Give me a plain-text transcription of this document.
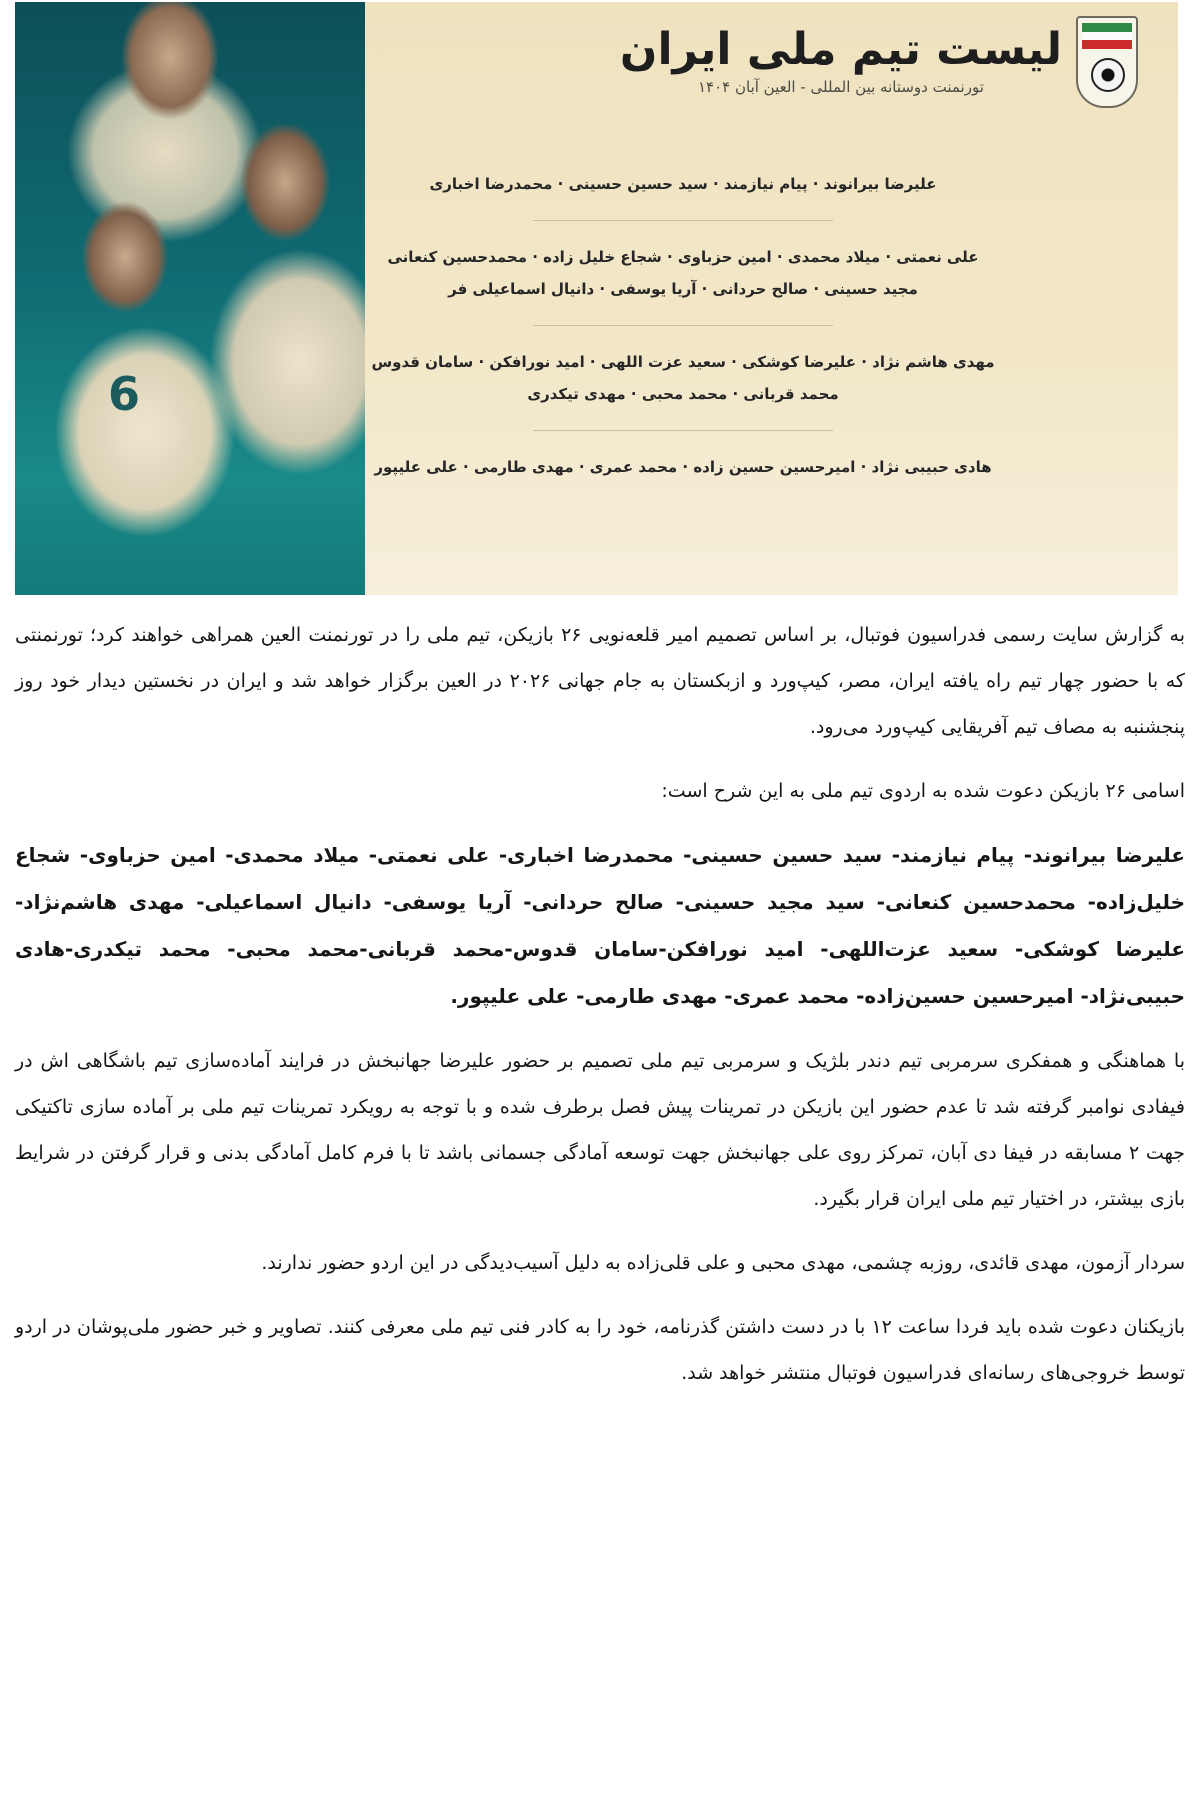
6
لیست تیم ملی ایران
تورنمنت دوستانه بین المللی - العین آبان ۱۴۰۴
علیرضا بیرانوند · پیام نیازمند · سید حسین حسینی · محمدرضا اخباری
علی نعمتی · میلاد محمدی · امین حزباوی · شجاع خلیل زاده · محمدحسین کنعانی
مجید حسینی · صالح حردانی · آریا یوسفی · دانیال اسماعیلی فر
مهدی هاشم نژاد · علیرضا کوشکی · سعید عزت اللهی · امید نورافکن · سامان قدوس
محمد قربانی · محمد محبی · مهدی تیکدری
هادی حبیبی نژاد · امیرحسین حسین زاده · محمد عمری · مهدی طارمی · علی علیپور

به گزارش سایت رسمی فدراسیون فوتبال، بر اساس تصمیم امیر قلعه‌نویی ۲۶ بازیکن، تیم ملی را در تورنمنت العین همراهی خواهند کرد؛ تورنمنتی که با حضور چهار تیم راه یافته ایران، مصر، کیپ‌ورد و ازبکستان به جام جهانی ۲۰۲۶ در العین برگزار خواهد شد و ایران در نخستین دیدار خود روز پنجشنبه به مصاف تیم آفریقایی کیپ‌ورد می‌رود.

اسامی ۲۶ بازیکن دعوت شده به اردوی تیم ملی به این شرح است:

علیرضا بیرانوند- پیام نیازمند- سید حسین حسینی- محمدرضا اخباری- علی نعمتی- میلاد محمدی- امین حزباوی- شجاع خلیل‌زاده- محمدحسین کنعانی- سید مجید حسینی- صالح حردانی- آریا یوسفی- دانیال اسماعیلی- مهدی هاشم‌نژاد- علیرضا کوشکی- سعید عزت‌اللهی- امید نورافکن-سامان قدوس-محمد قربانی-محمد محبی- محمد تیکدری-هادی حبیبی‌نژاد- امیرحسین حسین‌زاده- محمد عمری- مهدی طارمی- علی علیپور.

با هماهنگی و همفکری سرمربی تیم دندر بلژیک و سرمربی تیم ملی تصمیم بر حضور علیرضا جهانبخش در فرایند آماده‌سازی تیم باشگاهی اش در فیفادی نوامبر گرفته شد تا عدم حضور این بازیکن در تمرینات پیش فصل برطرف شده و با توجه به رویکرد تمرینات تیم ملی بر آماده سازی تاکتیکی جهت ۲ مسابقه در فیفا دی آبان، تمرکز روی علی جهانبخش جهت توسعه آمادگی جسمانی باشد تا با فرم کامل آمادگی بدنی و قرار گرفتن در شرایط بازی بیشتر، در اختیار تیم ملی ایران قرار بگیرد.

سردار آزمون، مهدی قائدی، روزبه چشمی، مهدی محبی و علی قلی‌زاده به دلیل آسیب‌دیدگی در این اردو حضور ندارند.

بازیکنان دعوت شده باید فردا ساعت ۱۲ با در دست داشتن گذرنامه، خود را به کادر فنی تیم ملی معرفی کنند. تصاویر و خبر حضور ملی‌پوشان در اردو توسط خروجی‌های رسانه‌ای فدراسیون فوتبال منتشر خواهد شد.
